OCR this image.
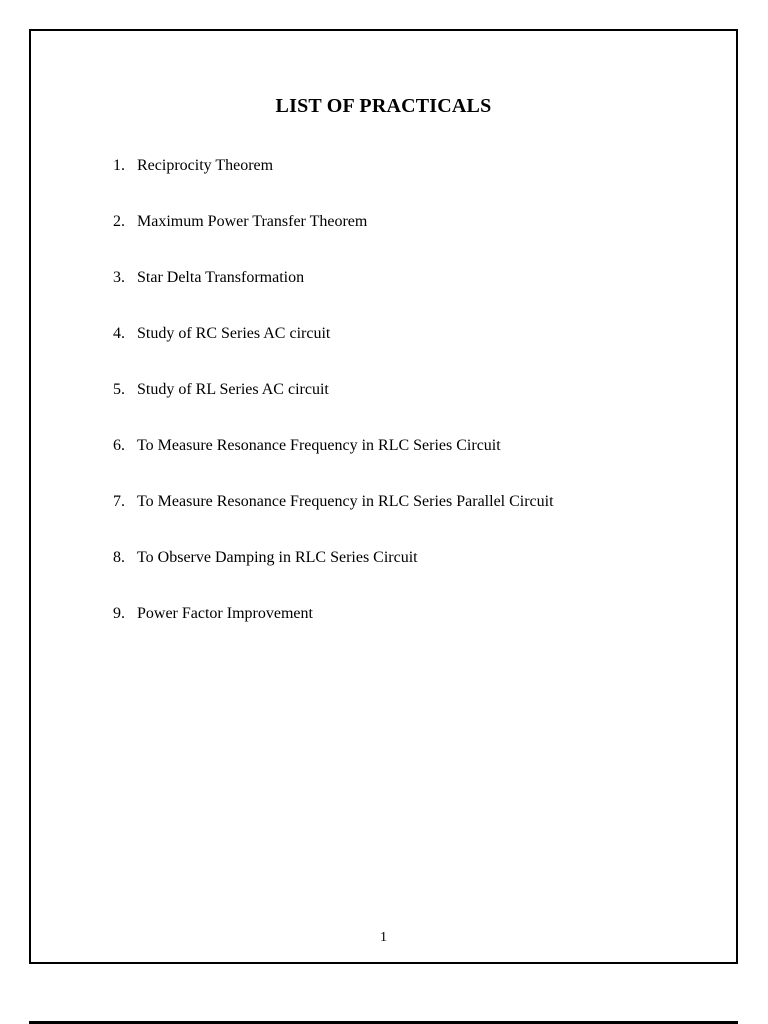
LIST OF PRACTICALS
1. Reciprocity Theorem
2. Maximum Power Transfer Theorem
3. Star Delta Transformation
4. Study of RC Series AC circuit
5. Study of RL Series AC circuit
6. To Measure Resonance Frequency in RLC Series Circuit
7. To Measure Resonance Frequency in RLC Series Parallel Circuit
8. To Observe Damping in RLC Series Circuit
9. Power Factor Improvement
1
